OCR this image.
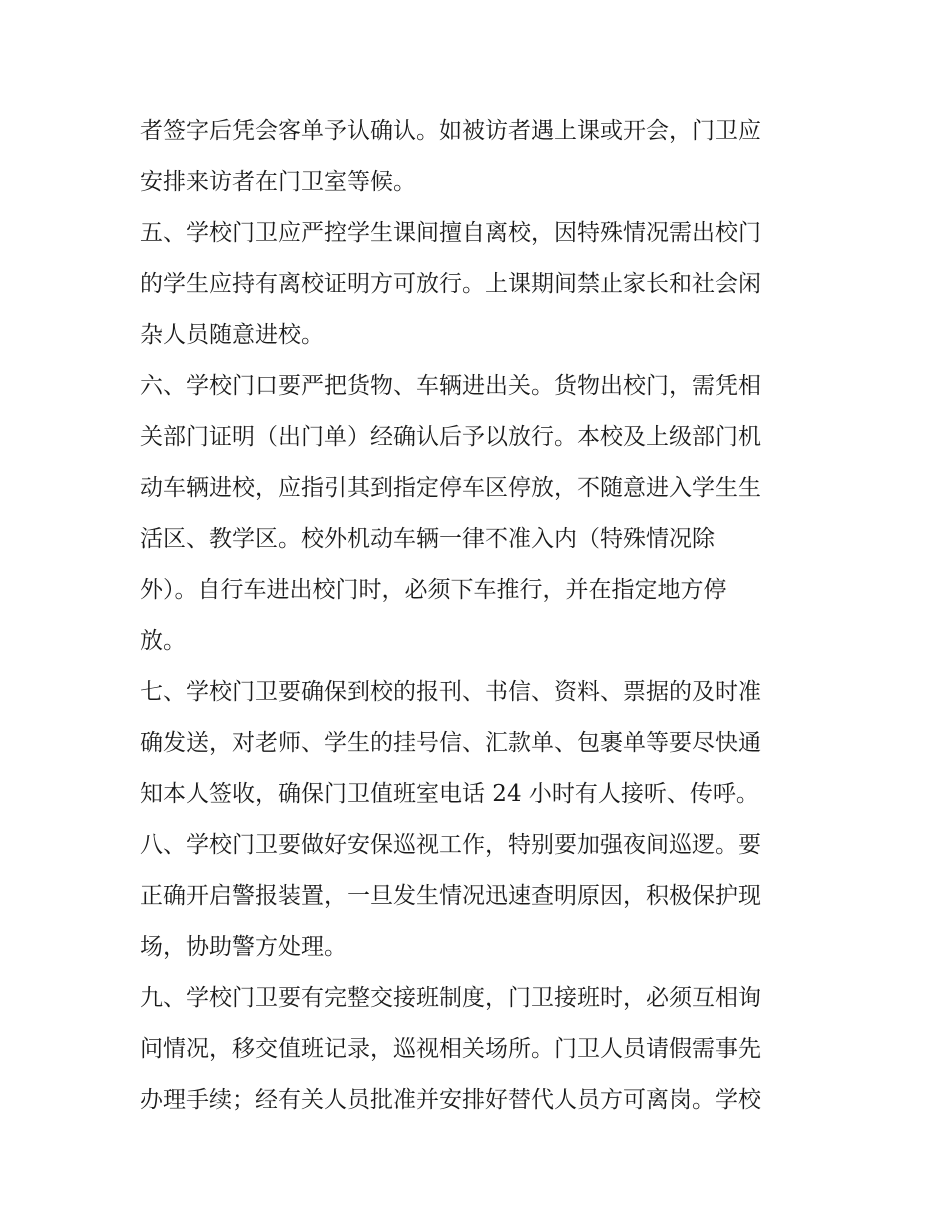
者签字后凭会客单予认确认。如被访者遇上课或开会，门卫应
安排来访者在门卫室等候。
五、学校门卫应严控学生课间擅自离校，因特殊情况需出校门
的学生应持有离校证明方可放行。上课期间禁止家长和社会闲
杂人员随意进校。
六、学校门口要严把货物、车辆进出关。货物出校门，需凭相
关部门证明（出门单）经确认后予以放行。本校及上级部门机
动车辆进校，应指引其到指定停车区停放，不随意进入学生生
活区、教学区。校外机动车辆一律不准入内（特殊情况除
外）。自行车进出校门时，必须下车推行，并在指定地方停
放。
七、学校门卫要确保到校的报刊、书信、资料、票据的及时准
确发送，对老师、学生的挂号信、汇款单、包裹单等要尽快通
知本人签收，确保门卫值班室电话 24 小时有人接听、传呼。
八、学校门卫要做好安保巡视工作，特别要加强夜间巡逻。要
正确开启警报装置，一旦发生情况迅速查明原因，积极保护现
场，协助警方处理。
九、学校门卫要有完整交接班制度，门卫接班时，必须互相询
问情况，移交值班记录，巡视相关场所。门卫人员请假需事先
办理手续；经有关人员批准并安排好替代人员方可离岗。学校
